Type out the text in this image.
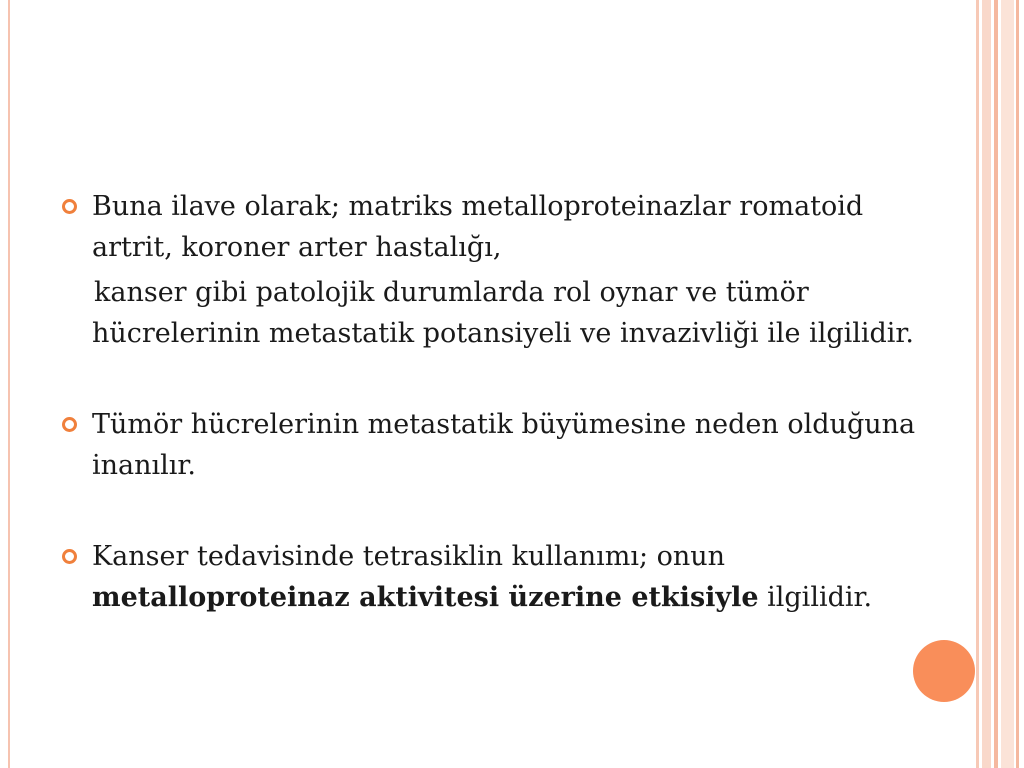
Buna ilave olarak; matriks metalloproteinazlar romatoid artrit, koroner arter hastalığı,

kanser gibi patolojik durumlarda rol oynar ve tümör hücrelerinin metastatik potansiyeli ve invazivliği ile ilgilidir.

Tümör hücrelerinin metastatik büyümesine neden olduğuna inanılır.

Kanser tedavisinde tetrasiklin kullanımı; onun metalloproteinaz aktivitesi üzerine etkisiyle ilgilidir.
